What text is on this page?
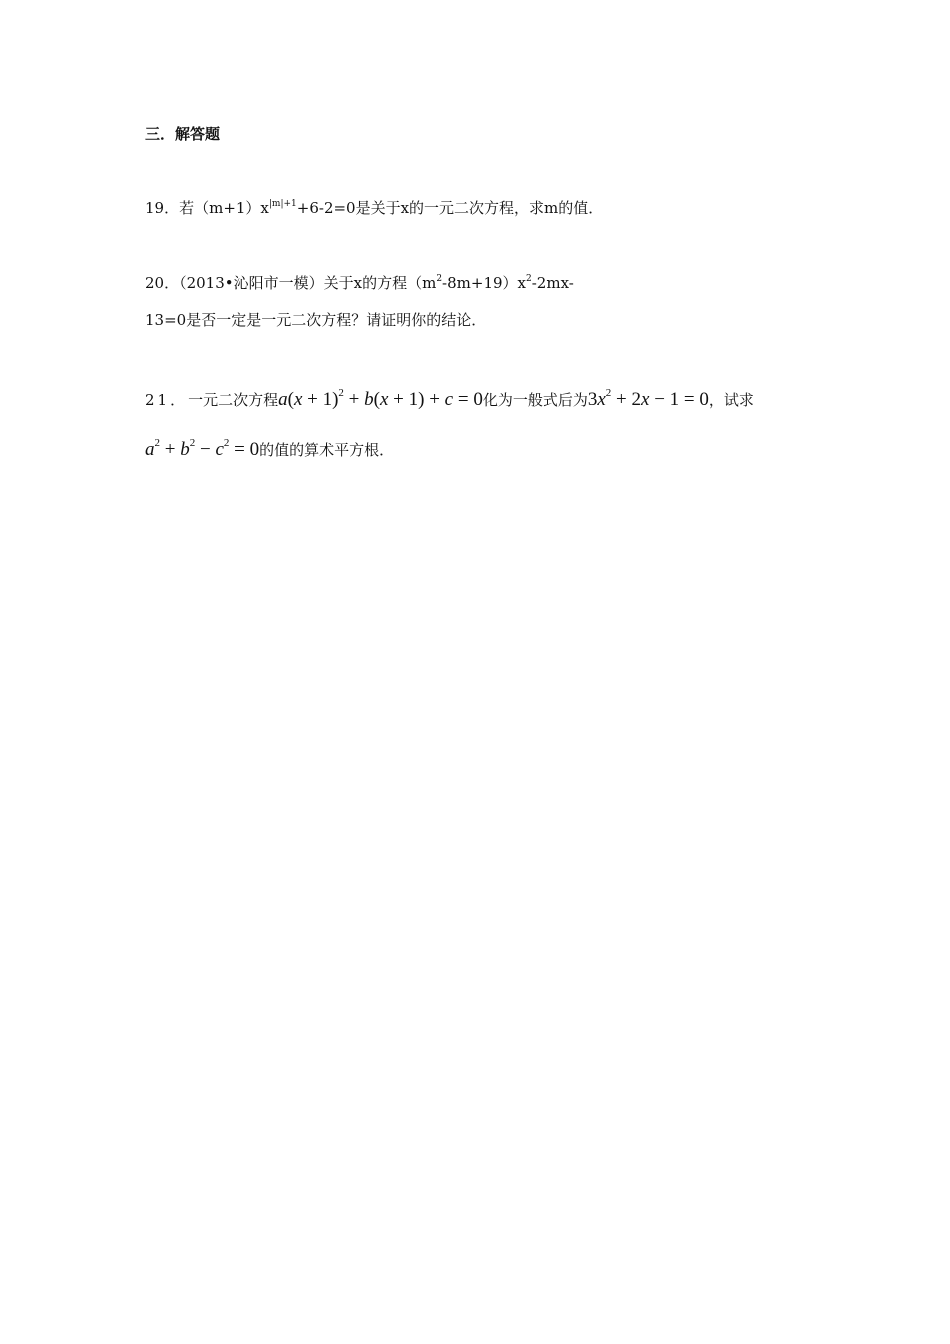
三．解答题
19．若$(m+1)x^{|m|+1}+6-2=0$是关于x的一元二次方程，求m的值．
20．（2013•沁阳市一模）关于x的方程$(m^2-8m+19)x^2-2mx-$
13=0是否一定是一元二次方程？请证明你的结论．
21．一元二次方程$a(x + 1)^2 + b(x + 1) + c = 0$化为一般式后为$3x^2 + 2x - 1 = 0$，试求
$a^2 + b^2 - c^2 = 0$的值的算术平方根．
